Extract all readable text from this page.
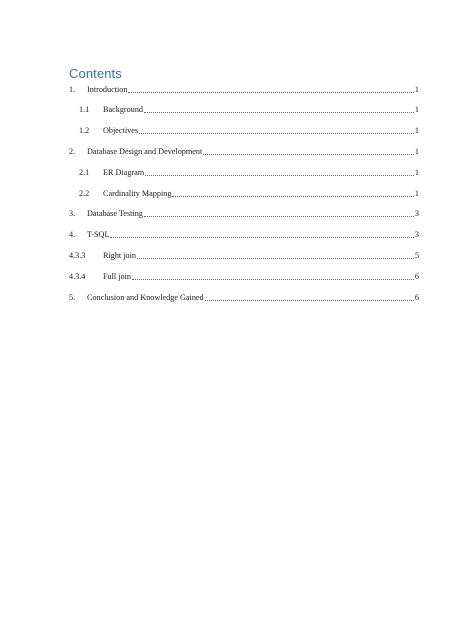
Contents
1.	Introduction	1
1.1	Background	1
1.2	Objectives	1
2.	Database Design and Development	1
2.1	ER Diagram	1
2.2	Cardinality Mapping	1
3.	Database Testing	3
4.	T-SQL	3
4.3.3	Right join	5
4.3.4	Full join	6
5.	Conclusion and Knowledge Gained	6
